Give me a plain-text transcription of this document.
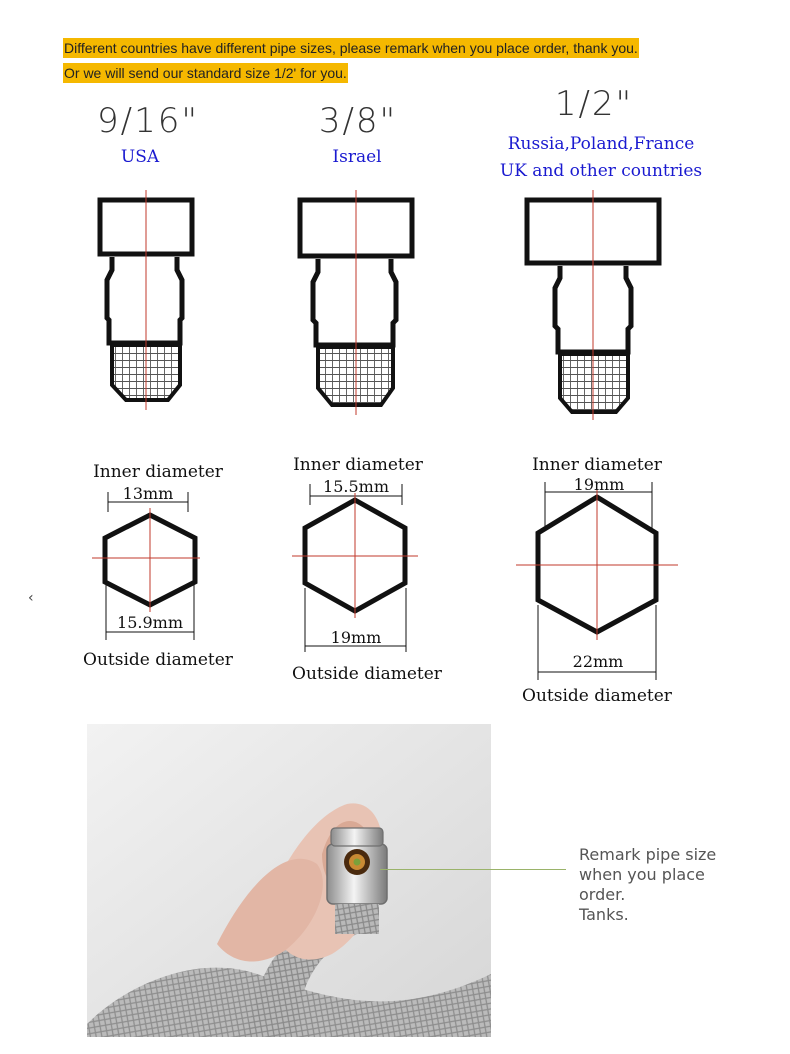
Different countries have different pipe sizes, please remark when you place order, thank you.
Or we will send our standard size 1/2' for you.
‹
9/16"
USA
Inner diameter
13mm
15.9mm
Outside diameter
3/8"
Israel
Inner diameter
15.5mm
19mm
Outside diameter
1/2"
Russia,Poland,France
UK and other countries
Inner diameter
19mm
22mm
Outside diameter
Remark pipe size
when you place
order.
Tanks.
